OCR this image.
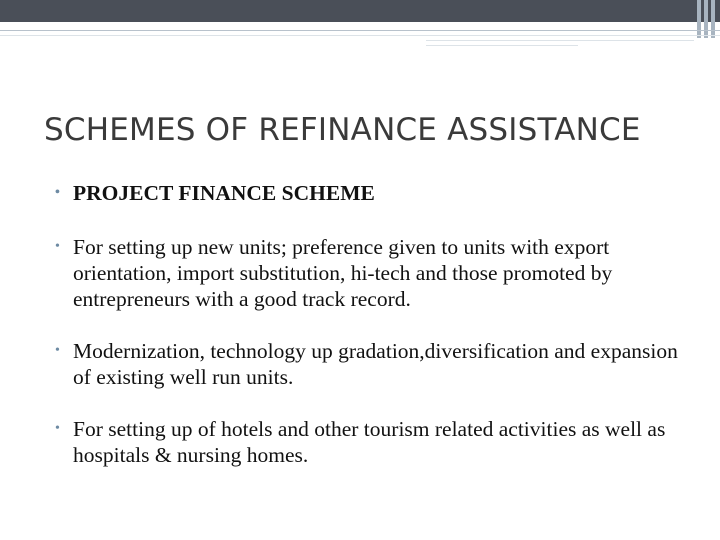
SCHEMES OF REFINANCE ASSISTANCE
• PROJECT FINANCE SCHEME
• For setting up new units; preference given to units with export orientation, import substitution, hi-tech and those promoted by entrepreneurs with a good track record.
• Modernization, technology up gradation,diversification and expansion of existing well run units.
• For setting up of hotels and other tourism related activities as well as hospitals & nursing homes.
